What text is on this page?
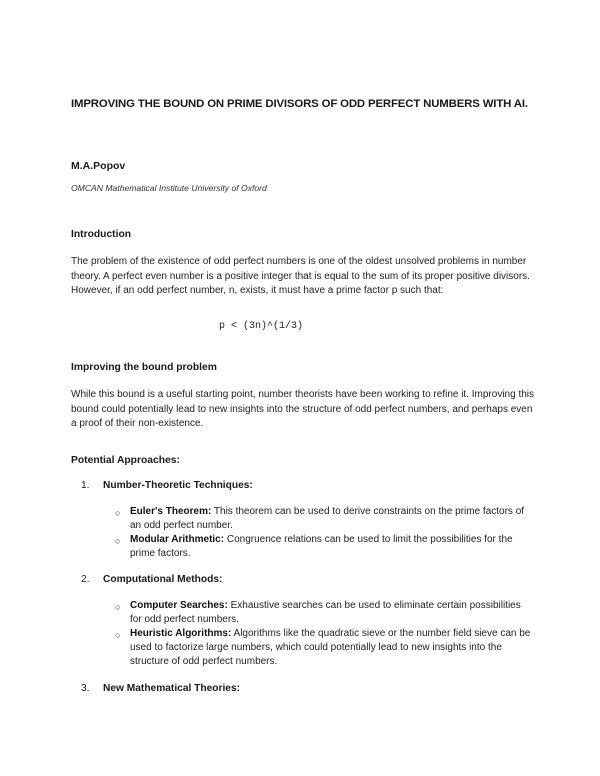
IMPROVING THE BOUND ON PRIME DIVISORS OF ODD PERFECT NUMBERS WITH AI.
M.A.Popov
OMCAN Mathematical Institute University of Oxford
Introduction
The problem of the existence of odd perfect numbers is one of the oldest unsolved problems in number theory. A perfect even number is a positive integer that is equal to the sum of its proper positive divisors. However, if an odd perfect number, n, exists, it must have a prime factor p such that:
p < (3n)^(1/3)
Improving the bound problem
While this bound is a useful starting point, number theorists have been working to refine it. Improving this bound could potentially lead to new insights into the structure of odd perfect numbers, and perhaps even a proof of their non-existence.
Potential Approaches:
1. Number-Theoretic Techniques:
○ Euler's Theorem: This theorem can be used to derive constraints on the prime factors of an odd perfect number.
○ Modular Arithmetic: Congruence relations can be used to limit the possibilities for the prime factors.
2. Computational Methods:
○ Computer Searches: Exhaustive searches can be used to eliminate certain possibilities for odd perfect numbers.
○ Heuristic Algorithms: Algorithms like the quadratic sieve or the number field sieve can be used to factorize large numbers, which could potentially lead to new insights into the structure of odd perfect numbers.
3. New Mathematical Theories:
